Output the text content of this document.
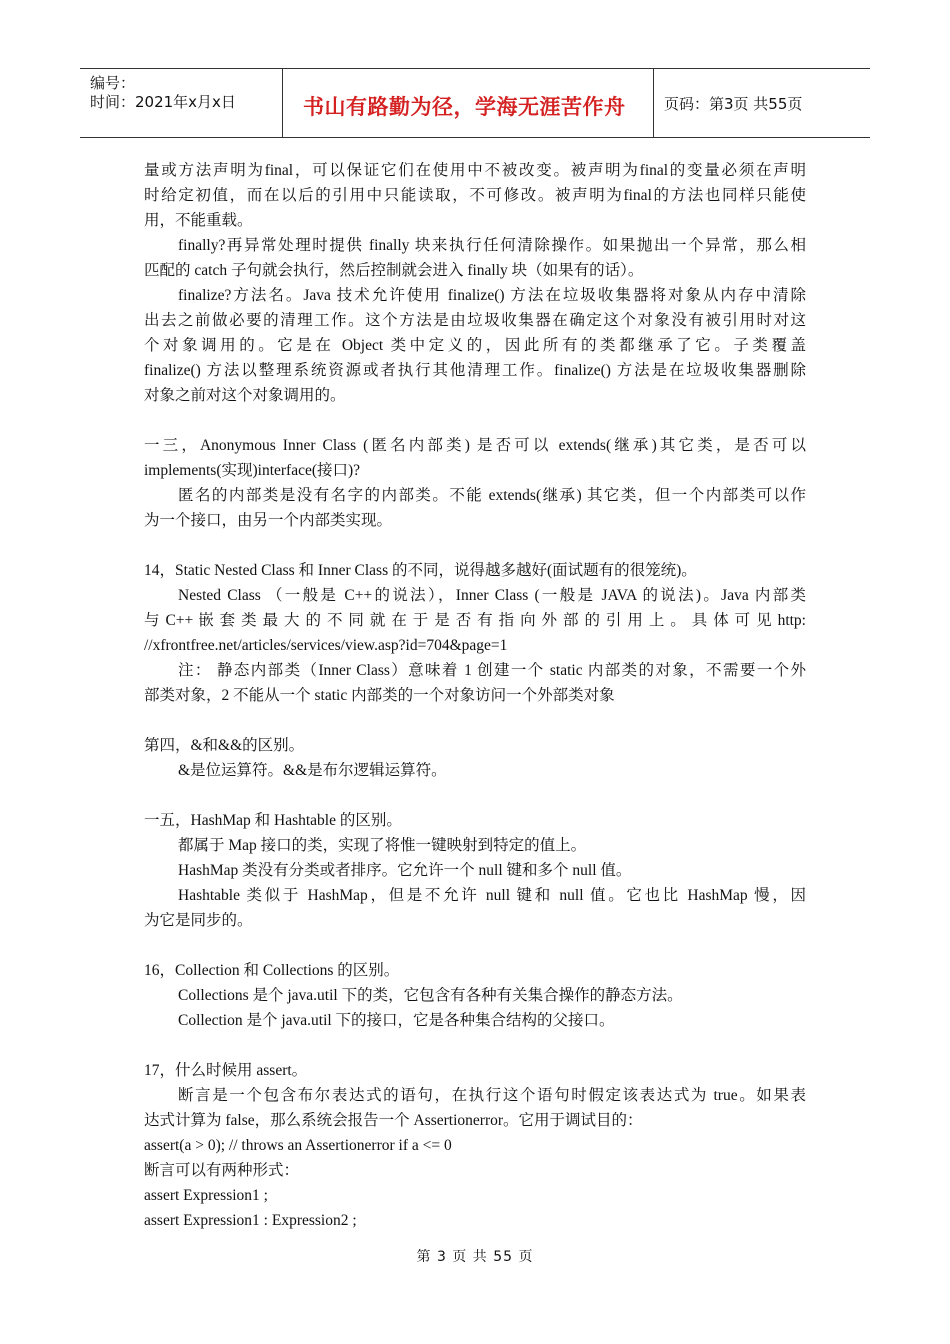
编号：
时间：2021年x月x日	书山有路勤为径，学海无涯苦作舟	页码：第3页 共55页
量或方法声明为final，可以保证它们在使用中不被改变。被声明为final的变量必须在声明
时给定初值，而在以后的引用中只能读取，不可修改。被声明为final的方法也同样只能使
用，不能重载。
finally?再异常处理时提供 finally 块来执行任何清除操作。如果抛出一个异常，那么相
匹配的 catch 子句就会执行，然后控制就会进入 finally 块（如果有的话）。
finalize?方法名。Java 技术允许使用 finalize() 方法在垃圾收集器将对象从内存中清除
出去之前做必要的清理工作。这个方法是由垃圾收集器在确定这个对象没有被引用时对这
个对象调用的。它是在 Object 类中定义的，因此所有的类都继承了它。子类覆盖
finalize() 方法以整理系统资源或者执行其他清理工作。finalize() 方法是在垃圾收集器删除
对象之前对这个对象调用的。
一三，Anonymous Inner Class (匿名内部类) 是否可以 extends(继承)其它类，是否可以
implements(实现)interface(接口)?
匿名的内部类是没有名字的内部类。不能 extends(继承) 其它类，但一个内部类可以作
为一个接口，由另一个内部类实现。
14，Static Nested Class 和 Inner Class 的不同，说得越多越好(面试题有的很笼统)。
Nested Class （一般是 C++的说法），Inner Class (一般是 JAVA 的说法)。Java 内部类
与 C++ 嵌 套 类 最 大 的 不 同 就 在 于 是 否 有 指 向 外 部 的 引 用 上 。 具 体 可 见 http:
//xfrontfree.net/articles/services/view.asp?id=704&page=1
注： 静态内部类（Inner Class）意味着 1 创建一个 static 内部类的对象，不需要一个外
部类对象，2 不能从一个 static 内部类的一个对象访问一个外部类对象
第四，&和&&的区别。
&是位运算符。&&是布尔逻辑运算符。
一五，HashMap 和 Hashtable 的区别。
都属于 Map 接口的类，实现了将惟一键映射到特定的值上。
HashMap 类没有分类或者排序。它允许一个 null 键和多个 null 值。
Hashtable 类似于 HashMap，但是不允许 null 键和 null 值。它也比 HashMap 慢，因
为它是同步的。
16，Collection 和 Collections 的区别。
Collections 是个 java.util 下的类，它包含有各种有关集合操作的静态方法。
Collection 是个 java.util 下的接口，它是各种集合结构的父接口。
17，什么时候用 assert。
断言是一个包含布尔表达式的语句，在执行这个语句时假定该表达式为 true。如果表
达式计算为 false，那么系统会报告一个 Assertionerror。它用于调试目的：
assert(a > 0); // throws an Assertionerror if a <= 0
断言可以有两种形式：
assert Expression1 ;
assert Expression1 : Expression2 ;
第 3 页 共 55 页
